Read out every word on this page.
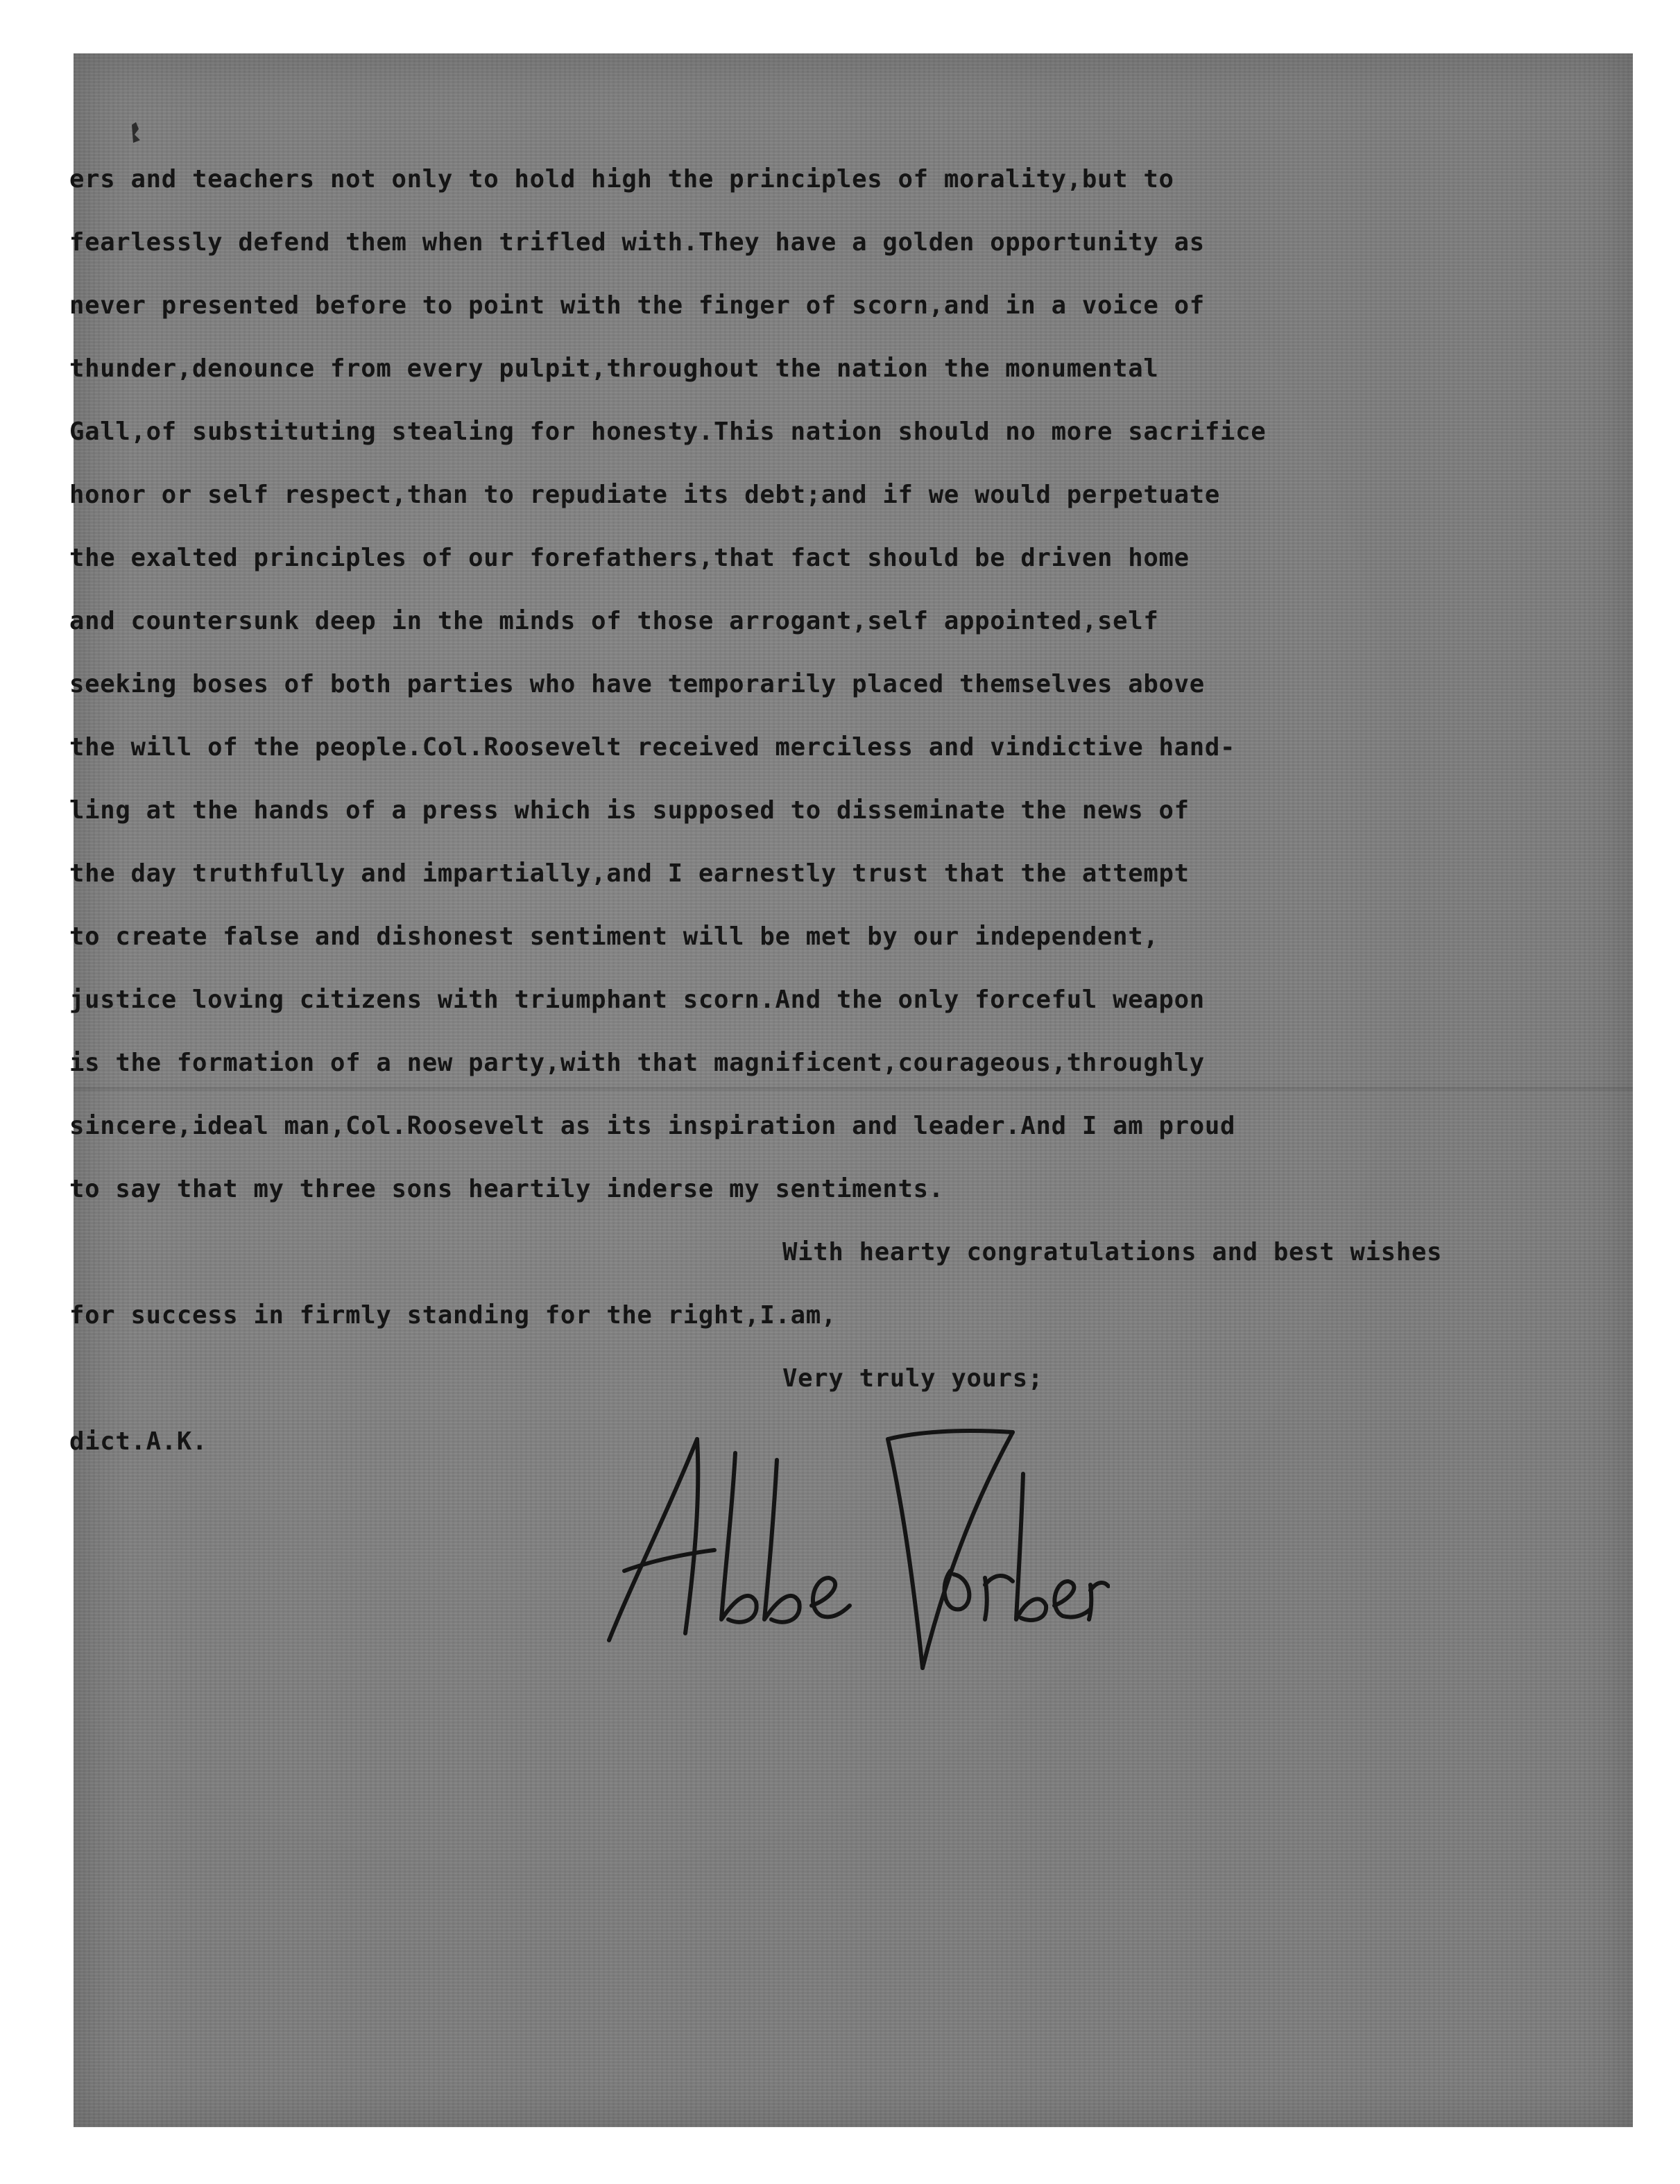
ers and teachers not only to hold high the principles of morality,but to

fearlessly defend them when trifled with.They have a golden opportunity as

never presented before to point with the finger of scorn,and in a voice of

thunder,denounce from every pulpit,throughout the nation the monumental

Gall,of substituting stealing for honesty.This nation should no more sacrifice

honor or self respect,than to repudiate its debt;and if we would perpetuate

the exalted principles of our forefathers,that fact should be driven home

and countersunk deep in the minds of those arrogant,self appointed,self

seeking boses of both parties who have temporarily placed themselves above

the will of the people.Col.Roosevelt received merciless and vindictive hand-

ling at the hands of a press which is supposed to disseminate the news of

the day truthfully and impartially,and I earnestly trust that the attempt

to create false and dishonest sentiment will be met by our independent,

justice loving citizens with triumphant scorn.And the only forceful weapon

is the formation of a new party,with that magnificent,courageous,throughly

sincere,ideal man,Col.Roosevelt as its inspiration and leader.And I am proud

to say that my three sons heartily inderse my sentiments.

With hearty congratulations and best wishes

for success in firmly standing for the right,I.am,

Very truly yours;

dict.A.K.
